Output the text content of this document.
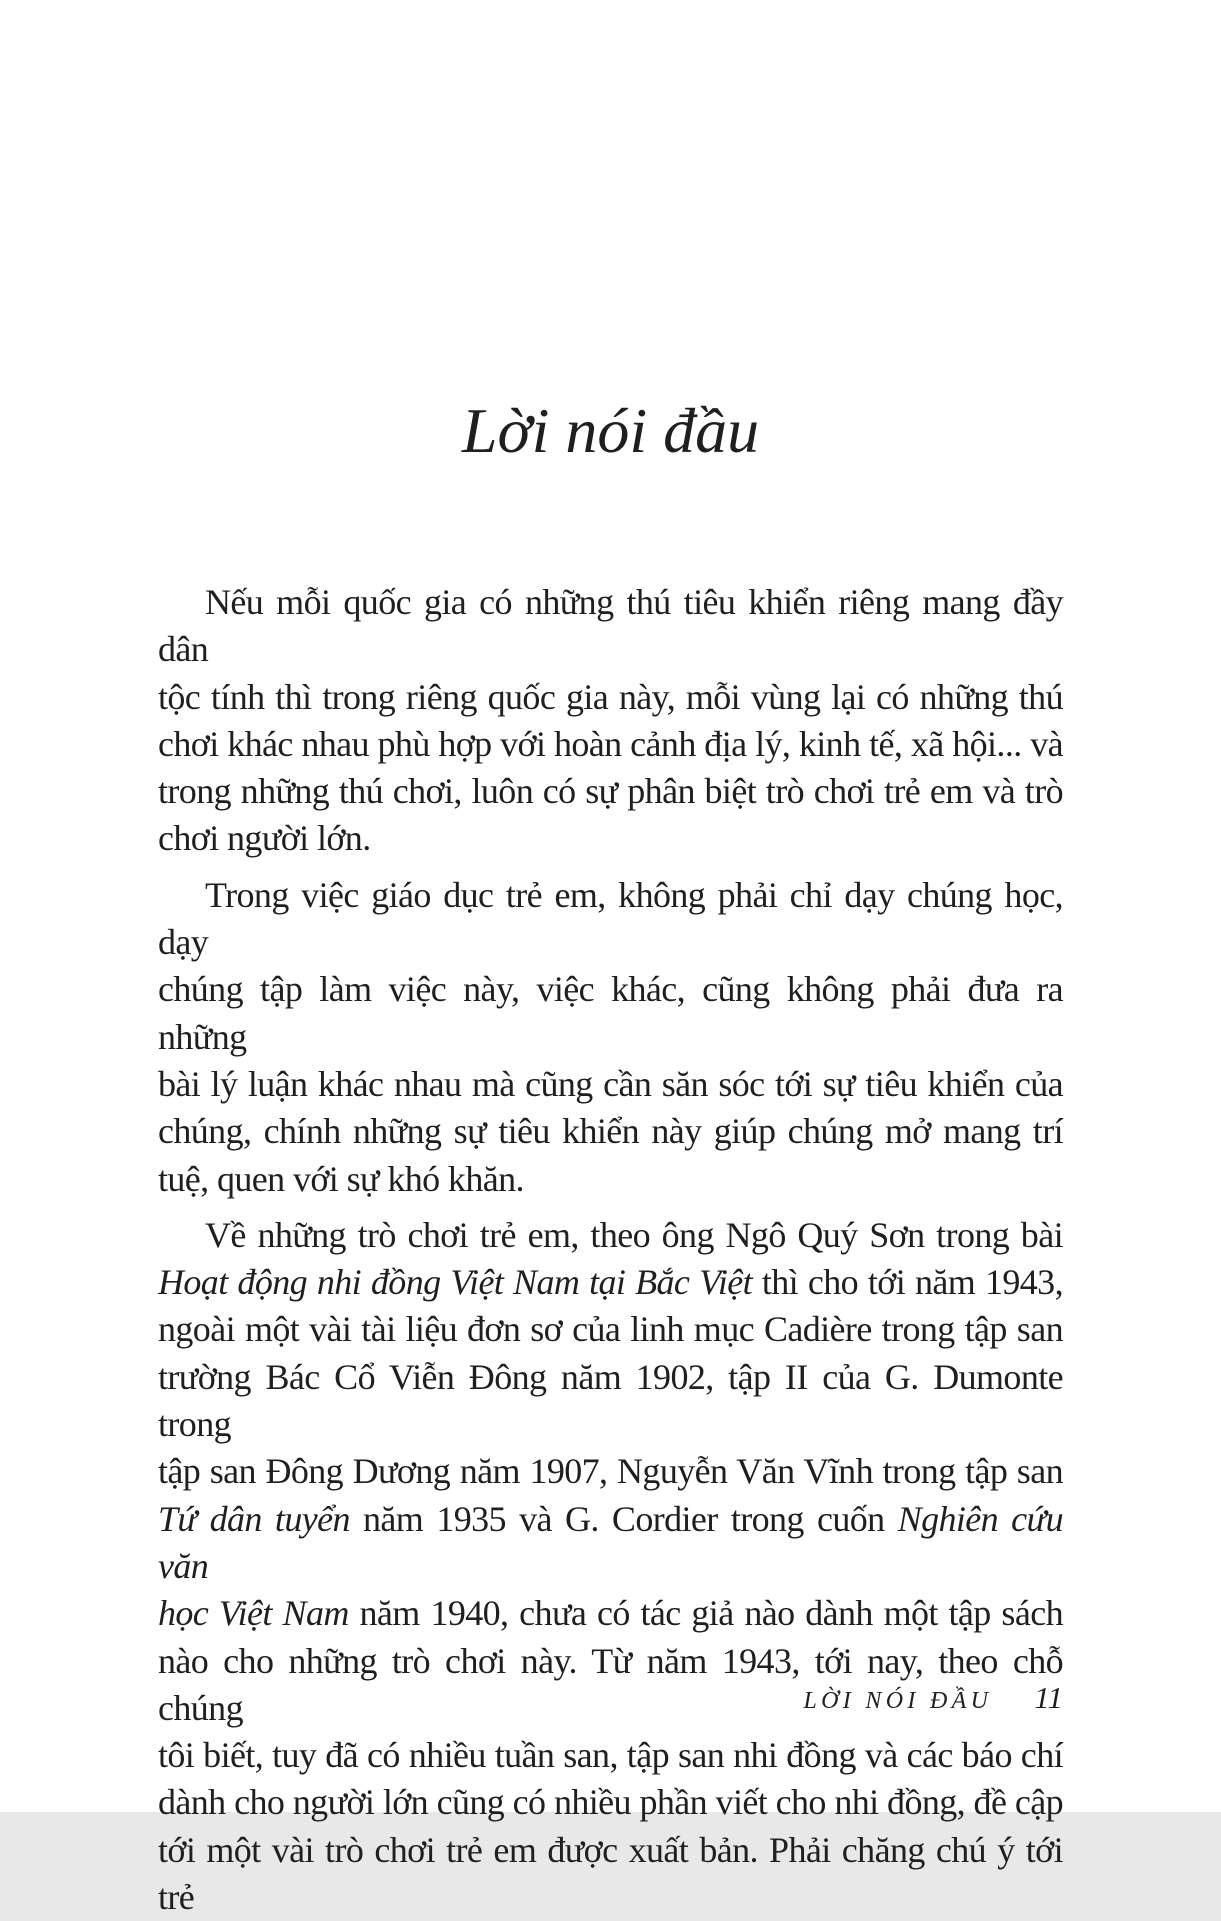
Lời nói đầu
Nếu mỗi quốc gia có những thú tiêu khiển riêng mang đầy dân
tộc tính thì trong riêng quốc gia này, mỗi vùng lại có những thú
chơi khác nhau phù hợp với hoàn cảnh địa lý, kinh tế, xã hội... và
trong những thú chơi, luôn có sự phân biệt trò chơi trẻ em và trò
chơi người lớn.
Trong việc giáo dục trẻ em, không phải chỉ dạy chúng học, dạy
chúng tập làm việc này, việc khác, cũng không phải đưa ra những
bài lý luận khác nhau mà cũng cần săn sóc tới sự tiêu khiển của
chúng, chính những sự tiêu khiển này giúp chúng mở mang trí
tuệ, quen với sự khó khăn.
Về những trò chơi trẻ em, theo ông Ngô Quý Sơn trong bài
Hoạt động nhi đồng Việt Nam tại Bắc Việt thì cho tới năm 1943,
ngoài một vài tài liệu đơn sơ của linh mục Cadière trong tập san
trường Bác Cổ Viễn Đông năm 1902, tập II của G. Dumonte trong
tập san Đông Dương năm 1907, Nguyễn Văn Vĩnh trong tập san
Tứ dân tuyển năm 1935 và G. Cordier trong cuốn Nghiên cứu văn
học Việt Nam năm 1940, chưa có tác giả nào dành một tập sách
nào cho những trò chơi này. Từ năm 1943, tới nay, theo chỗ chúng
tôi biết, tuy đã có nhiều tuần san, tập san nhi đồng và các báo chí
dành cho người lớn cũng có nhiều phần viết cho nhi đồng, đề cập
tới một vài trò chơi trẻ em được xuất bản. Phải chăng chú ý tới trẻ
LỜI NÓI ĐẦU 11
